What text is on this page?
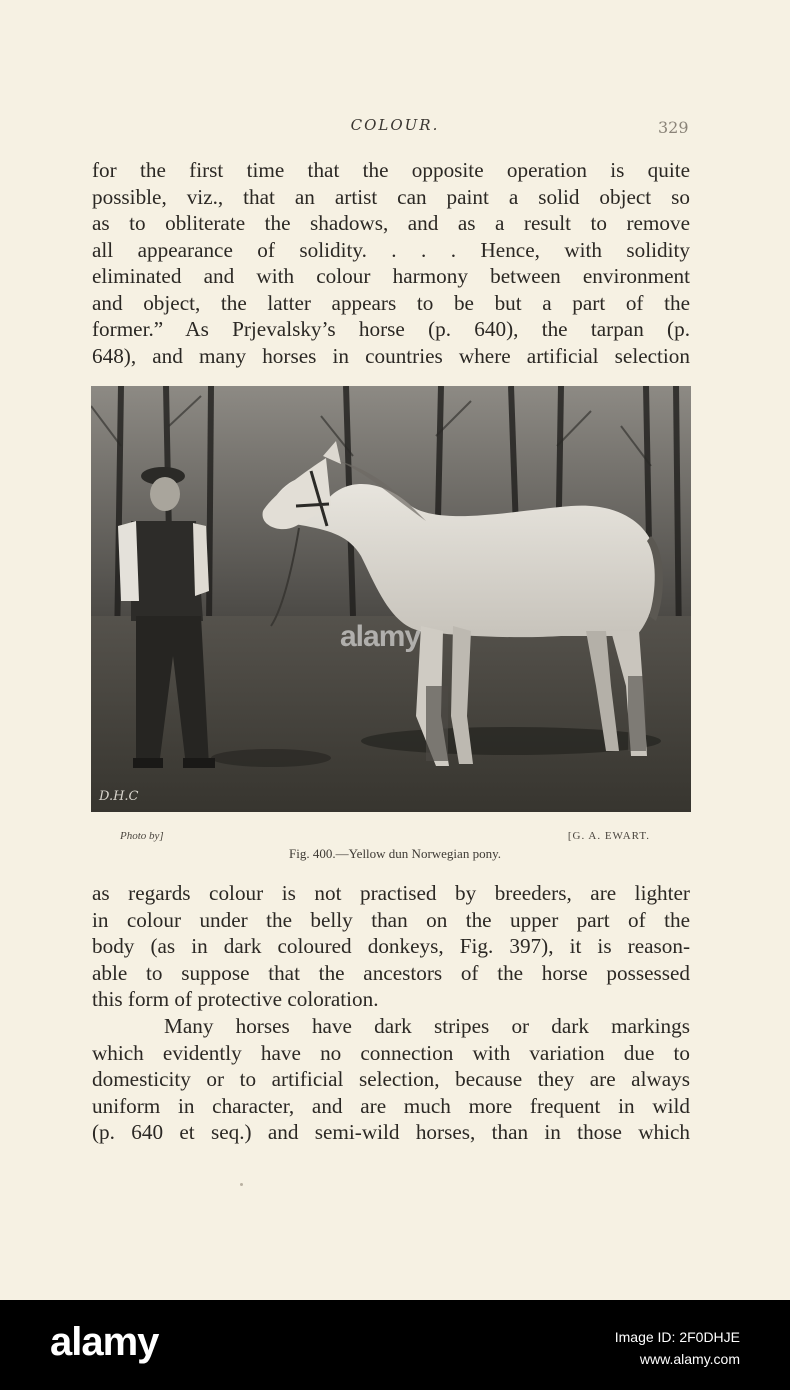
COLOUR.	329
for the first time that the opposite operation is quite
possible, viz., that an artist can paint a solid object so
as to obliterate the shadows, and as a result to remove
all appearance of solidity. . . . Hence, with solidity
eliminated and with colour harmony between environment
and object, the latter appears to be but a part of the
former.” As Prjevalsky’s horse (p. 640), the tarpan (p.
648), and many horses in countries where artificial selection
D.H.C
alamy
Photo by]	[G. A. EWART.
Fig. 400.—Yellow dun Norwegian pony.
as regards colour is not practised by breeders, are lighter
in colour under the belly than on the upper part of the
body (as in dark coloured donkeys, Fig. 397), it is reason-
able to suppose that the ancestors of the horse possessed
this form of protective coloration.
Many horses have dark stripes or dark markings
which evidently have no connection with variation due to
domesticity or to artificial selection, because they are always
uniform in character, and are much more frequent in wild
(p. 640 et seq.) and semi-wild horses, than in those which
alamy	Image ID: 2F0DHJE
www.alamy.com
